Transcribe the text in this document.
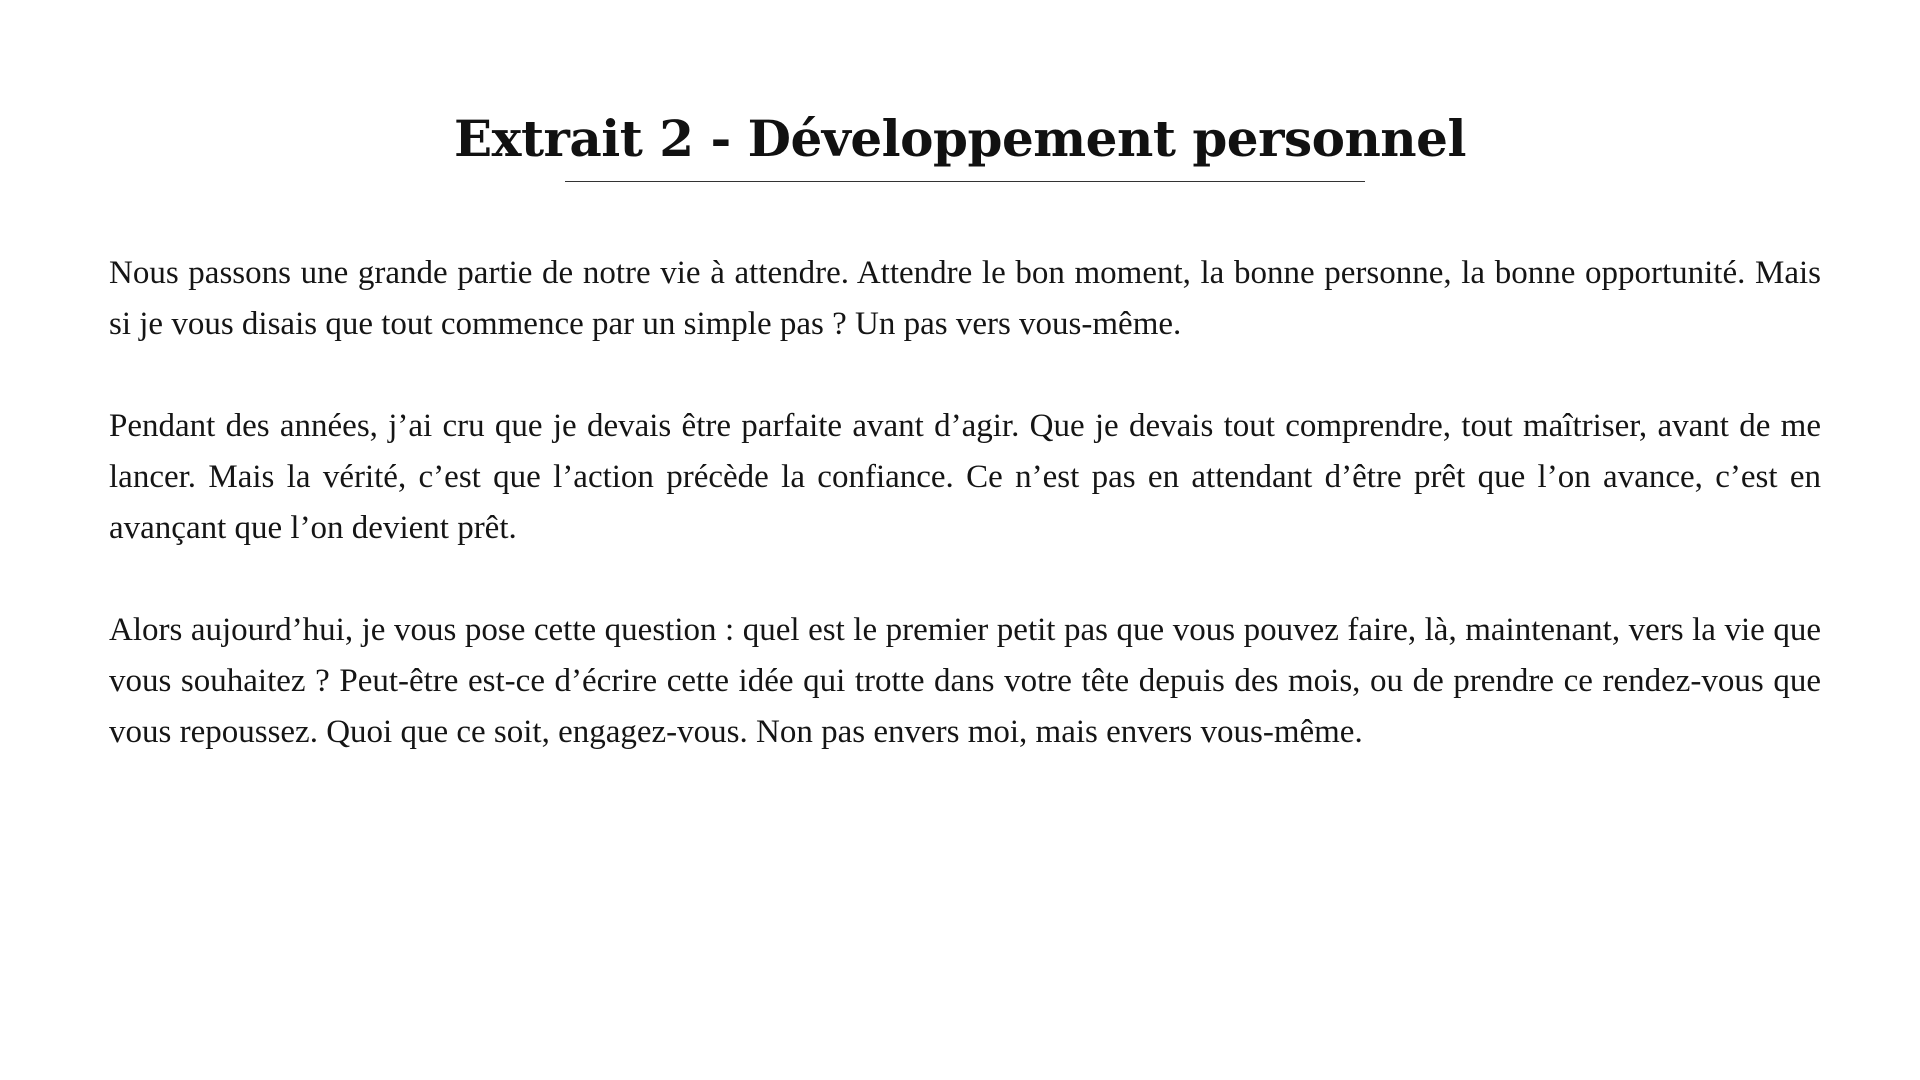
Extrait 2 - Développement personnel

Nous passons une grande partie de notre vie à attendre. Attendre le bon moment, la bonne personne, la bonne opportunité. Mais si je vous disais que tout commence par un simple pas ? Un pas vers vous-même.

Pendant des années, j’ai cru que je devais être parfaite avant d’agir. Que je devais tout comprendre, tout maîtriser, avant de me lancer. Mais la vérité, c’est que l’action précède la confiance. Ce n’est pas en attendant d’être prêt que l’on avance, c’est en avançant que l’on devient prêt.

Alors aujourd’hui, je vous pose cette question : quel est le premier petit pas que vous pouvez faire, là, maintenant, vers la vie que vous souhaitez ? Peut-être est-ce d’écrire cette idée qui trotte dans votre tête depuis des mois, ou de prendre ce rendez-vous que vous repoussez. Quoi que ce soit, engagez-vous. Non pas envers moi, mais envers vous-même.
